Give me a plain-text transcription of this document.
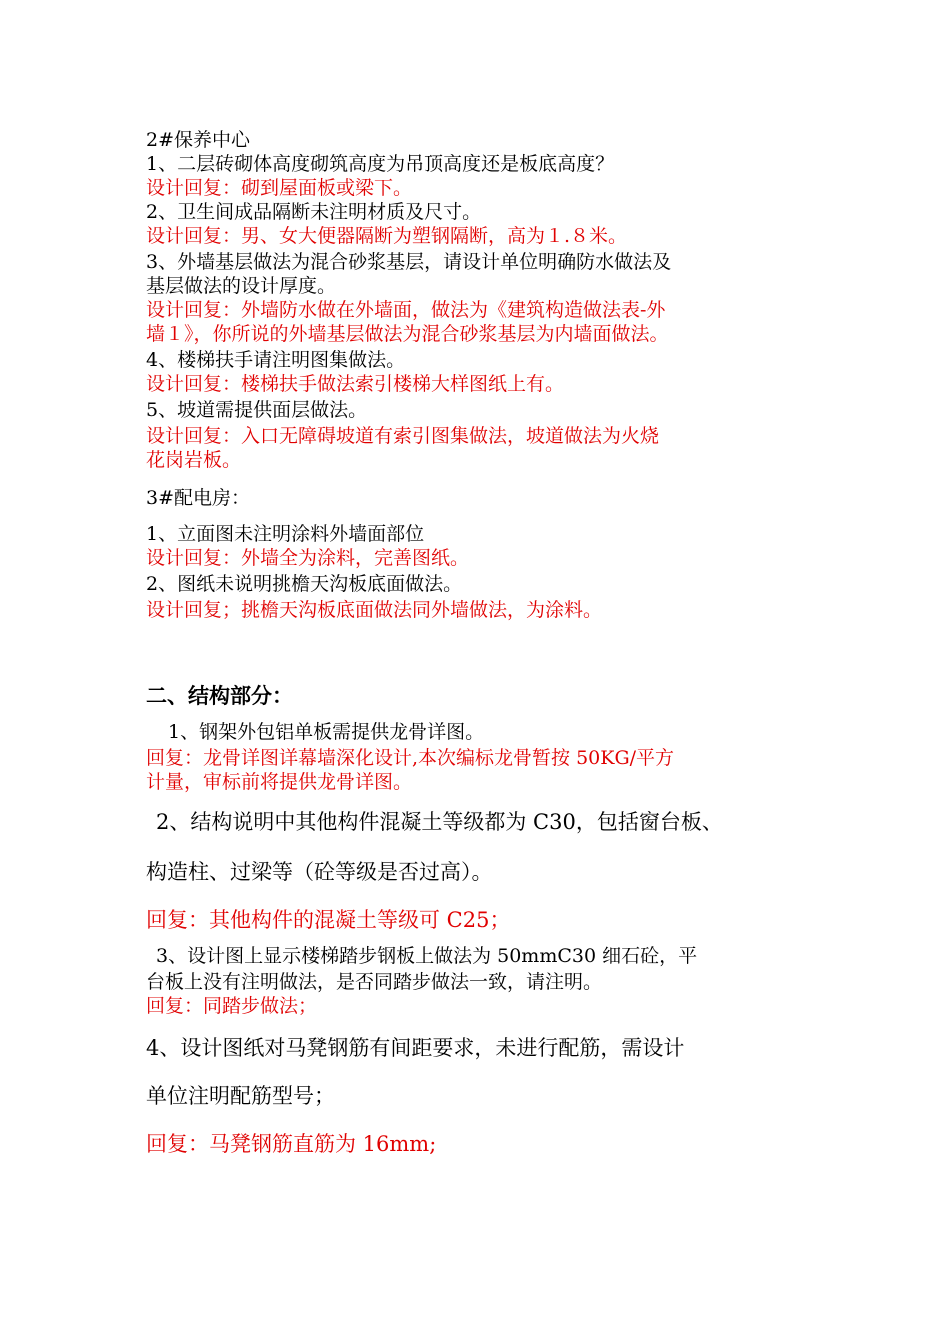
2#保养中心
1、二层砖砌体高度砌筑高度为吊顶高度还是板底高度？
设计回复：砌到屋面板或梁下。
2、卫生间成品隔断未注明材质及尺寸。
设计回复：男、女大便器隔断为塑钢隔断，高为１.８米。
3、外墙基层做法为混合砂浆基层，请设计单位明确防水做法及
基层做法的设计厚度。
设计回复：外墙防水做在外墙面，做法为《建筑构造做法表-外
墙１》，你所说的外墙基层做法为混合砂浆基层为内墙面做法。
4、楼梯扶手请注明图集做法。
设计回复：楼梯扶手做法索引楼梯大样图纸上有。
5、坡道需提供面层做法。
设计回复：入口无障碍坡道有索引图集做法，坡道做法为火烧
花岗岩板。
3#配电房：
1、立面图未注明涂料外墙面部位
设计回复：外墙全为涂料，完善图纸。
2、图纸未说明挑檐天沟板底面做法。
设计回复；挑檐天沟板底面做法同外墙做法，为涂料。
二、结构部分：
1、钢架外包铝单板需提供龙骨详图。
回复：龙骨详图详幕墙深化设计,本次编标龙骨暂按 50KG/平方
计量，审标前将提供龙骨详图。
2、结构说明中其他构件混凝土等级都为 C30，包括窗台板、
构造柱、过梁等（砼等级是否过高）。
回复：其他构件的混凝土等级可 C25；
3、设计图上显示楼梯踏步钢板上做法为 50mmC30 细石砼，平
台板上没有注明做法，是否同踏步做法一致，请注明。
回复：同踏步做法；
4、设计图纸对马凳钢筋有间距要求，未进行配筋，需设计
单位注明配筋型号；
回复：马凳钢筋直筋为 16mm;
